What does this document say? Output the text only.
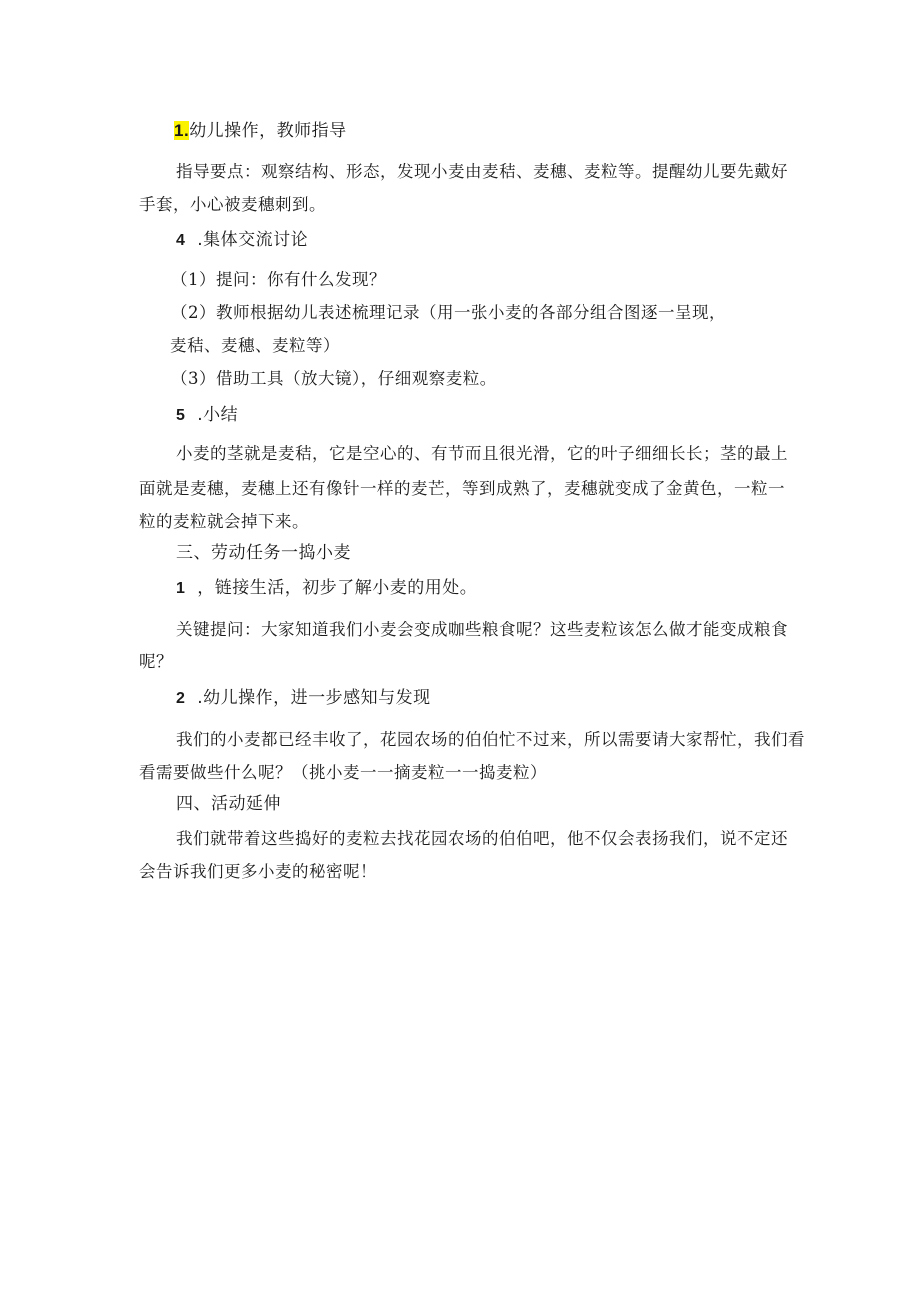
1.幼儿操作，教师指导
指导要点：观察结构、形态，发现小麦由麦秸、麦穗、麦粒等。提醒幼儿要先戴好
手套，小心被麦穗刺到。
4 .集体交流讨论
（1）提问：你有什么发现？
（2）教师根据幼儿表述梳理记录（用一张小麦的各部分组合图逐一呈现，
麦秸、麦穗、麦粒等）
（3）借助工具（放大镜），仔细观察麦粒。
5 .小结
小麦的茎就是麦秸，它是空心的、有节而且很光滑，它的叶子细细长长；茎的最上
面就是麦穗，麦穗上还有像针一样的麦芒，等到成熟了，麦穗就变成了金黄色，一粒一
粒的麦粒就会掉下来。
三、劳动任务一捣小麦
1 ，链接生活，初步了解小麦的用处。
关键提问：大家知道我们小麦会变成咖些粮食呢？这些麦粒该怎么做才能变成粮食
呢？
2 .幼儿操作，进一步感知与发现
我们的小麦都已经丰收了，花园农场的伯伯忙不过来，所以需要请大家帮忙，我们看
看需要做些什么呢？（挑小麦一一摘麦粒一一捣麦粒）
四、活动延伸
我们就带着这些捣好的麦粒去找花园农场的伯伯吧，他不仅会表扬我们，说不定还
会告诉我们更多小麦的秘密呢！
